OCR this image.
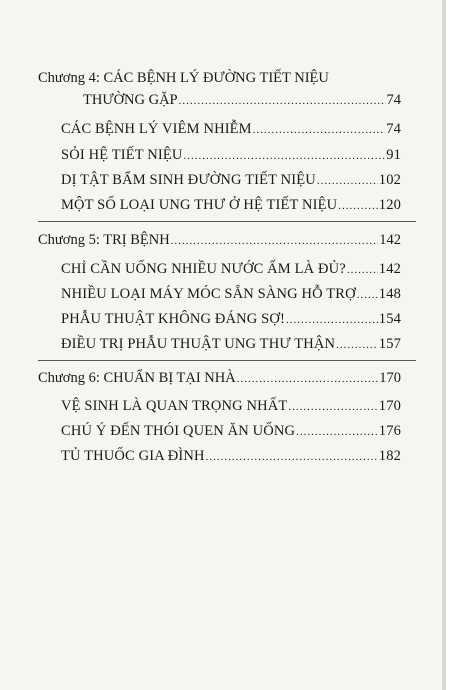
Chương 4: CÁC BỆNH LÝ ĐƯỜNG TIẾT NIỆU
THƯỜNG GẶP .....	74
CÁC BỆNH LÝ VIÊM NHIỄM .....	74
SỎI HỆ TIẾT NIỆU .....	91
DỊ TẬT BẨM SINH ĐƯỜNG TIẾT NIỆU .....	102
MỘT SỐ LOẠI UNG THƯ Ở HỆ TIẾT NIỆU .....	120
Chương 5: TRỊ BỆNH .....	142
CHỈ CẦN UỐNG NHIỀU NƯỚC ẤM LÀ ĐỦ? ..... 142
NHIỀU LOẠI MÁY MÓC SẴN SÀNG HỖ TRỢ ..... 148
PHẪU THUẬT KHÔNG ĐÁNG SỢ! .....	154
ĐIỀU TRỊ PHẪU THUẬT UNG THƯ THẬN .....	157
Chương 6: CHUẨN BỊ TẠI NHÀ .....	170
VỆ SINH LÀ QUAN TRỌNG NHẤT .....	170
CHÚ Ý ĐẾN THÓI QUEN ĂN UỐNG .....	176
TỦ THUỐC GIA ĐÌNH .....	182
